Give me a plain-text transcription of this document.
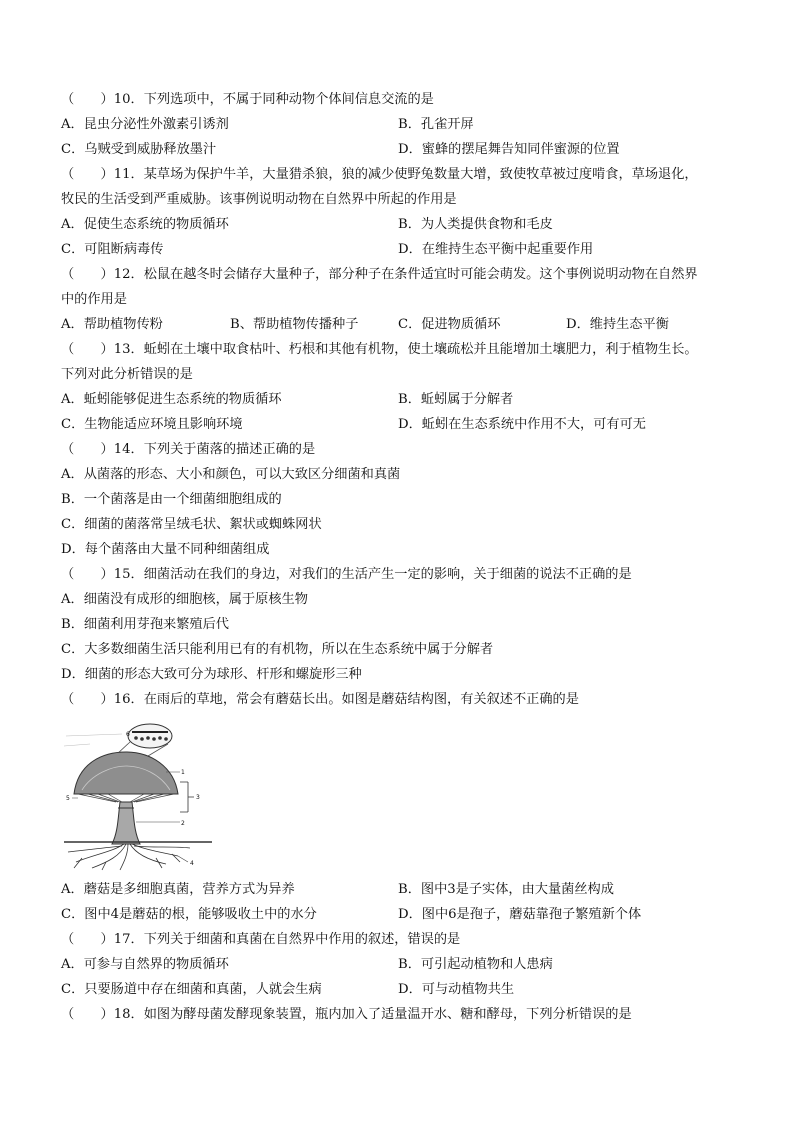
（　　）10．下列选项中，不属于同种动物个体间信息交流的是
A．昆虫分泌性外激素引诱剂	B．孔雀开屏
C．乌贼受到威胁释放墨汁	D．蜜蜂的摆尾舞告知同伴蜜源的位置
（　　）11．某草场为保护牛羊，大量猎杀狼，狼的减少使野兔数量大增，致使牧草被过度啃食，草场退化，
牧民的生活受到严重威胁。该事例说明动物在自然界中所起的作用是
A．促使生态系统的物质循环	B．为人类提供食物和毛皮
C．可阻断病毒传	D．在维持生态平衡中起重要作用
（　　）12．松鼠在越冬时会储存大量种子，部分种子在条件适宜时可能会萌发。这个事例说明动物在自然界
中的作用是
A．帮助植物传粉	B、帮助植物传播种子	C．促进物质循环	D．维持生态平衡
（　　）13．蚯蚓在土壤中取食枯叶、朽根和其他有机物，使土壤疏松并且能增加土壤肥力，利于植物生长。
下列对此分析错误的是
A．蚯蚓能够促进生态系统的物质循环	B．蚯蚓属于分解者
C．生物能适应环境且影响环境	D．蚯蚓在生态系统中作用不大，可有可无
（　　）14．下列关于菌落的描述正确的是
A．从菌落的形态、大小和颜色，可以大致区分细菌和真菌
B．一个菌落是由一个细菌细胞组成的
C．细菌的菌落常呈绒毛状、絮状或蜘蛛网状
D．每个菌落由大量不同种细菌组成
（　　）15．细菌活动在我们的身边，对我们的生活产生一定的影响，关于细菌的说法不正确的是
A．细菌没有成形的细胞核，属于原核生物
B．细菌利用芽孢来繁殖后代
C．大多数细菌生活只能利用已有的有机物，所以在生态系统中属于分解者
D．细菌的形态大致可分为球形、杆形和螺旋形三种
（　　）16．在雨后的草地，常会有蘑菇长出。如图是蘑菇结构图，有关叙述不正确的是
6
1
2
3
4
5
A．蘑菇是多细胞真菌，营养方式为异养	B．图中3是子实体，由大量菌丝构成
C．图中4是蘑菇的根，能够吸收土中的水分	D．图中6是孢子，蘑菇靠孢子繁殖新个体
（　　）17．下列关于细菌和真菌在自然界中作用的叙述，错误的是
A．可参与自然界的物质循环	B．可引起动植物和人患病
C．只要肠道中存在细菌和真菌，人就会生病	D．可与动植物共生
（　　）18．如图为酵母菌发酵现象装置，瓶内加入了适量温开水、糖和酵母，下列分析错误的是
